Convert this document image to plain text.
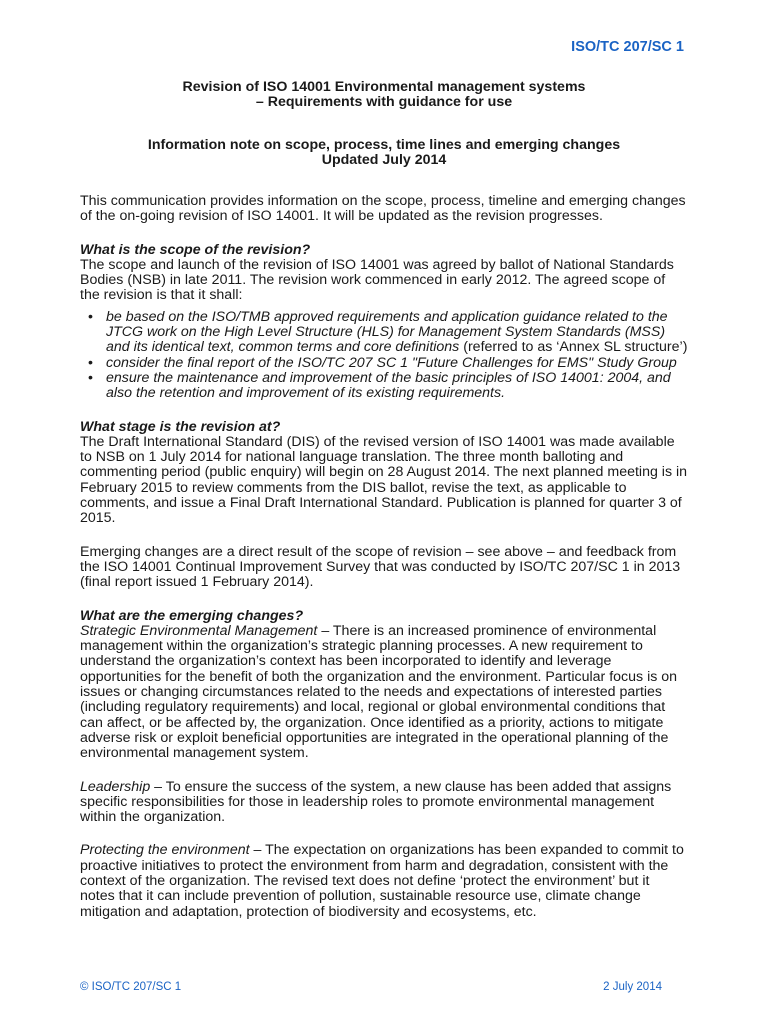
ISO/TC 207/SC 1
Revision of ISO 14001 Environmental management systems
– Requirements with guidance for use
Information note on scope, process, time lines and emerging changes
Updated July 2014

This communication provides information on the scope, process, timeline and emerging changes of the on-going revision of ISO 14001. It will be updated as the revision progresses.

What is the scope of the revision?

The scope and launch of the revision of ISO 14001 was agreed by ballot of National Standards Bodies (NSB) in late 2011. The revision work commenced in early 2012. The agreed scope of the revision is that it shall:

• be based on the ISO/TMB approved requirements and application guidance related to the JTCG work on the High Level Structure (HLS) for Management System Standards (MSS) and its identical text, common terms and core definitions (referred to as ‘Annex SL structure’)
• consider the final report of the ISO/TC 207 SC 1 "Future Challenges for EMS" Study Group
• ensure the maintenance and improvement of the basic principles of ISO 14001: 2004, and also the retention and improvement of its existing requirements.

What stage is the revision at?

The Draft International Standard (DIS) of the revised version of ISO 14001 was made available to NSB on 1 July 2014 for national language translation. The three month balloting and commenting period (public enquiry) will begin on 28 August 2014. The next planned meeting is in February 2015 to review comments from the DIS ballot, revise the text, as applicable to comments, and issue a Final Draft International Standard. Publication is planned for quarter 3 of 2015.

Emerging changes are a direct result of the scope of revision – see above – and feedback from the ISO 14001 Continual Improvement Survey that was conducted by ISO/TC 207/SC 1 in 2013 (final report issued 1 February 2014).

What are the emerging changes?

Strategic Environmental Management – There is an increased prominence of environmental management within the organization’s strategic planning processes. A new requirement to understand the organization’s context has been incorporated to identify and leverage opportunities for the benefit of both the organization and the environment. Particular focus is on issues or changing circumstances related to the needs and expectations of interested parties (including regulatory requirements) and local, regional or global environmental conditions that can affect, or be affected by, the organization. Once identified as a priority, actions to mitigate adverse risk or exploit beneficial opportunities are integrated in the operational planning of the environmental management system.

Leadership – To ensure the success of the system, a new clause has been added that assigns specific responsibilities for those in leadership roles to promote environmental management within the organization.

Protecting the environment – The expectation on organizations has been expanded to commit to proactive initiatives to protect the environment from harm and degradation, consistent with the context of the organization. The revised text does not define ‘protect the environment’ but it notes that it can include prevention of pollution, sustainable resource use, climate change mitigation and adaptation, protection of biodiversity and ecosystems, etc.

© ISO/TC 207/SC 1	2 July 2014
